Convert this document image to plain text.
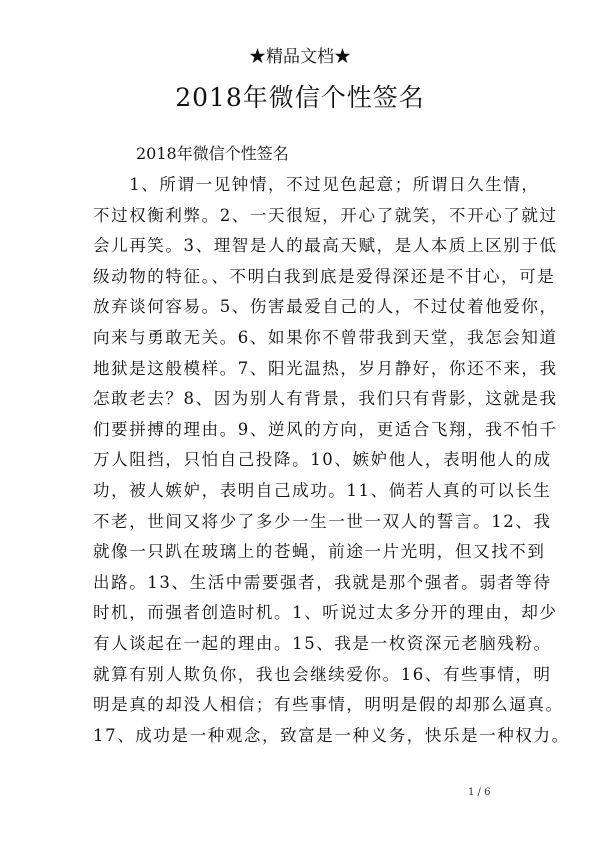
★精品文档★
2018年微信个性签名
2018年微信个性签名
　　1、所谓一见钟情，不过见色起意；所谓日久生情，
不过权衡利弊。2、一天很短，开心了就笑，不开心了就过
会儿再笑。3、理智是人的最高天赋，是人本质上区别于低
级动物的特征。、不明白我到底是爱得深还是不甘心，可是
放弃谈何容易。5、伤害最爱自己的人，不过仗着他爱你，
向来与勇敢无关。6、如果你不曾带我到天堂，我怎会知道
地狱是这般模样。7、阳光温热，岁月静好，你还不来，我
怎敢老去？8、因为别人有背景，我们只有背影，这就是我
们要拼搏的理由。9、逆风的方向，更适合飞翔，我不怕千
万人阻挡，只怕自己投降。10、嫉妒他人，表明他人的成
功，被人嫉妒，表明自己成功。11、倘若人真的可以长生
不老，世间又将少了多少一生一世一双人的誓言。12、我
就像一只趴在玻璃上的苍蝇，前途一片光明，但又找不到
出路。13、生活中需要强者，我就是那个强者。弱者等待
时机，而强者创造时机。1、听说过太多分开的理由，却少
有人谈起在一起的理由。15、我是一枚资深元老脑残粉。
就算有别人欺负你，我也会继续爱你。16、有些事情，明
明是真的却没人相信；有些事情，明明是假的却那么逼真。
17、成功是一种观念，致富是一种义务，快乐是一种权力。
1 / 6
